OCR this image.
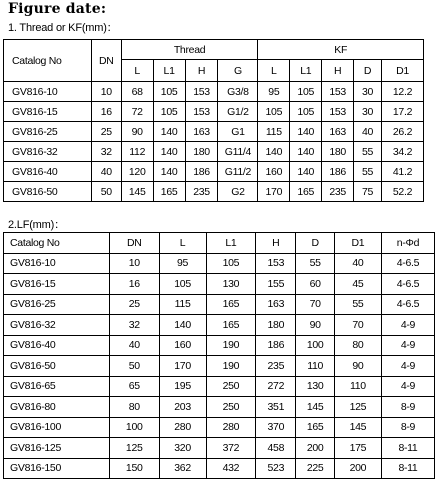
Figure date:
1. Thread or KF(mm)：
Catalog No	DN	Thread				KF				
		L	L1	H	G	L	L1	H	D	D1
GV816-10	10	68	105	153	G3/8	95	105	153	30	12.2
GV816-15	16	72	105	153	G1/2	105	105	153	30	17.2
GV816-25	25	90	140	163	G1	115	140	163	40	26.2
GV816-32	32	112	140	180	G11/4	140	140	180	55	34.2
GV816-40	40	120	140	186	G11/2	160	140	186	55	41.2
GV816-50	50	145	165	235	G2	170	165	235	75	52.2
2.LF(mm)：
Catalog No	DN	L	L1	H	D	D1	n-Φd
GV816-10	10	95	105	153	55	40	4-6.5
GV816-15	16	105	130	155	60	45	4-6.5
GV816-25	25	115	165	163	70	55	4-6.5
GV816-32	32	140	165	180	90	70	4-9
GV816-40	40	160	190	186	100	80	4-9
GV816-50	50	170	190	235	110	90	4-9
GV816-65	65	195	250	272	130	110	4-9
GV816-80	80	203	250	351	145	125	8-9
GV816-100	100	280	280	370	165	145	8-9
GV816-125	125	320	372	458	200	175	8-11
GV816-150	150	362	432	523	225	200	8-11
